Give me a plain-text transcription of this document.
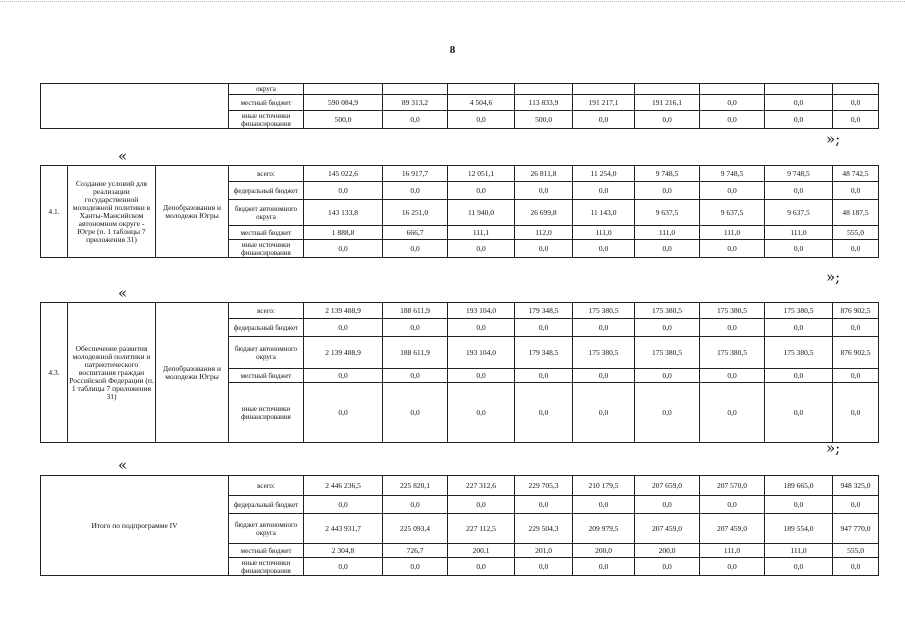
8
	округа									
	местный бюджет	590 084,9	89 313,2	4 504,6	113 833,9	191 217,1	191 216,1	0,0	0,0	0,0
	иные источники финансирования	500,0	0,0	0,0	500,0	0,0	0,0	0,0	0,0	0,0
»;
«
4.1.	Создание условий для реализации государственной молодежной политики в Ханты-Мансийском автономном округе - Югре (п. 1 таблицы 7 приложения 31)	Депобразования и молодежи Югры	всего:	145 022,6	16 917,7	12 051,1	26 811,8	11 254,0	9 748,5	9 748,5	9 748,5	48 742,5
			федеральный бюджет	0,0	0,0	0,0	0,0	0,0	0,0	0,0	0,0	0,0
			бюджет автономного округа	143 133,8	16 251,0	11 940,0	26 699,8	11 143,0	9 637,5	9 637,5	9 637,5	48 187,5
			местный бюджет	1 888,8	666,7	111,1	112,0	111,0	111,0	111,0	111,0	555,0
			иные источники финансирования	0,0	0,0	0,0	0,0	0,0	0,0	0,0	0,0	0,0
»;
«
4.3.	Обеспечение развития молодежной политики и патриотического воспитания граждан Российской Федерации (п. 1 таблицы 7 приложения 31)	Депобразования и молодежи Югры	всего:	2 139 488,9	188 611,9	193 104,0	179 348,5	175 380,5	175 380,5	175 380,5	175 380,5	876 902,5
			федеральный бюджет	0,0	0,0	0,0	0,0	0,0	0,0	0,0	0,0	0,0
			бюджет автономного округа	2 139 488,9	188 611,9	193 104,0	179 348,5	175 380,5	175 380,5	175 380,5	175 380,5	876 902,5
			местный бюджет	0,0	0,0	0,0	0,0	0,0	0,0	0,0	0,0	0,0
			иные источники финансирования	0,0	0,0	0,0	0,0	0,0	0,0	0,0	0,0	0,0
»;
«
Итого по подпрограмме IV	всего:	2 446 236,5	225 820,1	227 312,6	229 705,3	210 179,5	207 659,0	207 570,0	189 665,0	948 325,0
	федеральный бюджет	0,0	0,0	0,0	0,0	0,0	0,0	0,0	0,0	0,0
	бюджет автономного округа	2 443 931,7	225 093,4	227 112,5	229 504,3	209 979,5	207 459,0	207 459,0	189 554,0	947 770,0
	местный бюджет	2 304,8	726,7	200,1	201,0	200,0	200,0	111,0	111,0	555,0
	иные источники финансирования	0,0	0,0	0,0	0,0	0,0	0,0	0,0	0,0	0,0
